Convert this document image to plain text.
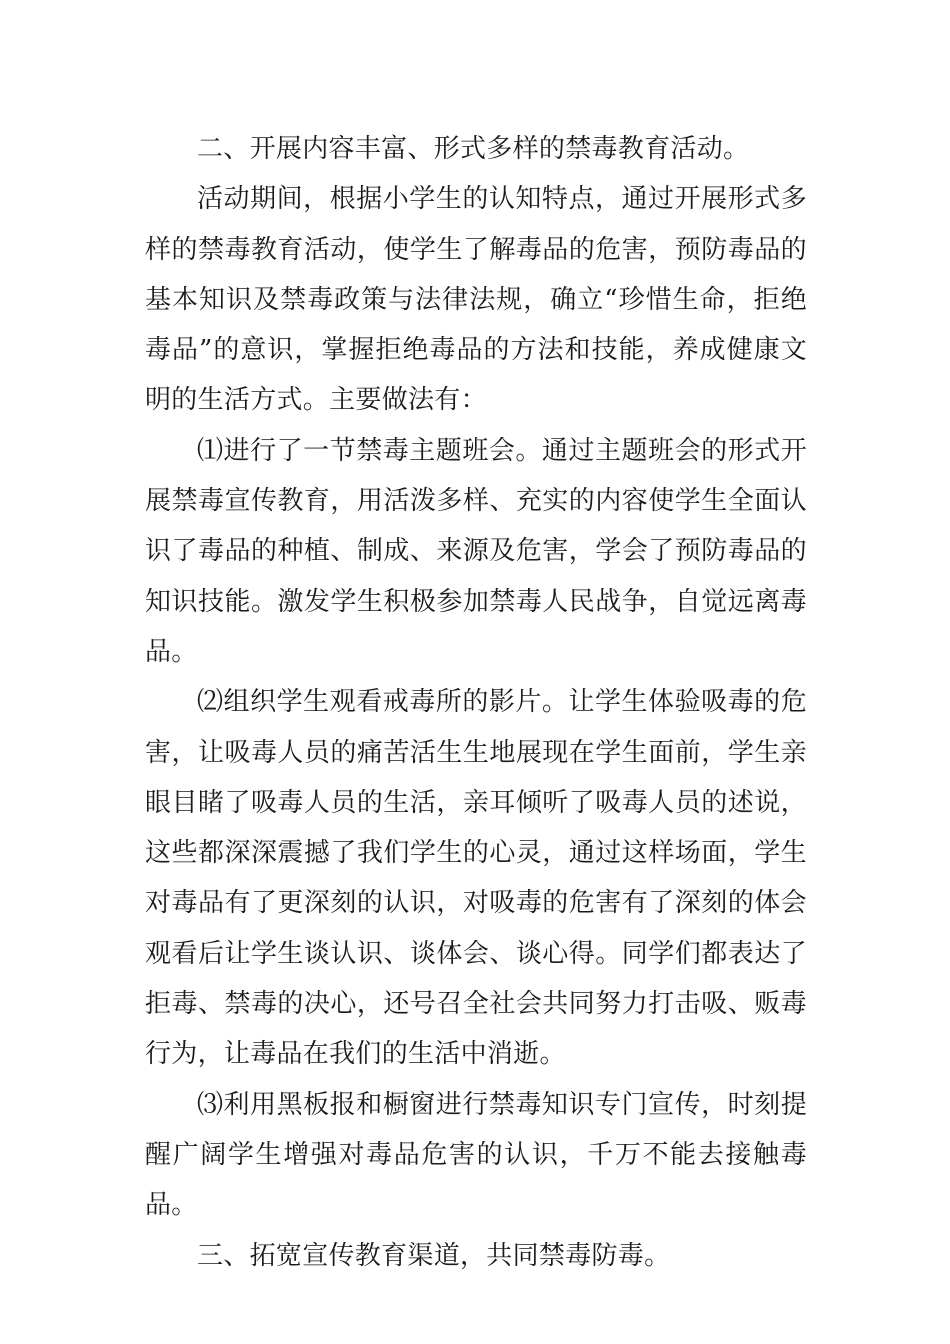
二、开展内容丰富、形式多样的禁毒教育活动。

活动期间，根据小学生的认知特点，通过开展形式多样的禁毒教育活动，使学生了解毒品的危害，预防毒品的基本知识及禁毒政策与法律法规，确立“珍惜生命，拒绝毒品”的意识，掌握拒绝毒品的方法和技能，养成健康文明的生活方式。主要做法有：

⑴进行了一节禁毒主题班会。通过主题班会的形式开展禁毒宣传教育，用活泼多样、充实的内容使学生全面认识了毒品的种植、制成、来源及危害，学会了预防毒品的知识技能。激发学生积极参加禁毒人民战争，自觉远离毒品。

⑵组织学生观看戒毒所的影片。让学生体验吸毒的危害，让吸毒人员的痛苦活生生地展现在学生面前，学生亲眼目睹了吸毒人员的生活，亲耳倾听了吸毒人员的述说，这些都深深震撼了我们学生的心灵，通过这样场面，学生对毒品有了更深刻的认识，对吸毒的危害有了深刻的体会观看后让学生谈认识、谈体会、谈心得。同学们都表达了拒毒、禁毒的决心，还号召全社会共同努力打击吸、贩毒行为，让毒品在我们的生活中消逝。

⑶利用黑板报和橱窗进行禁毒知识专门宣传，时刻提醒广阔学生增强对毒品危害的认识，千万不能去接触毒品。

三、拓宽宣传教育渠道，共同禁毒防毒。
